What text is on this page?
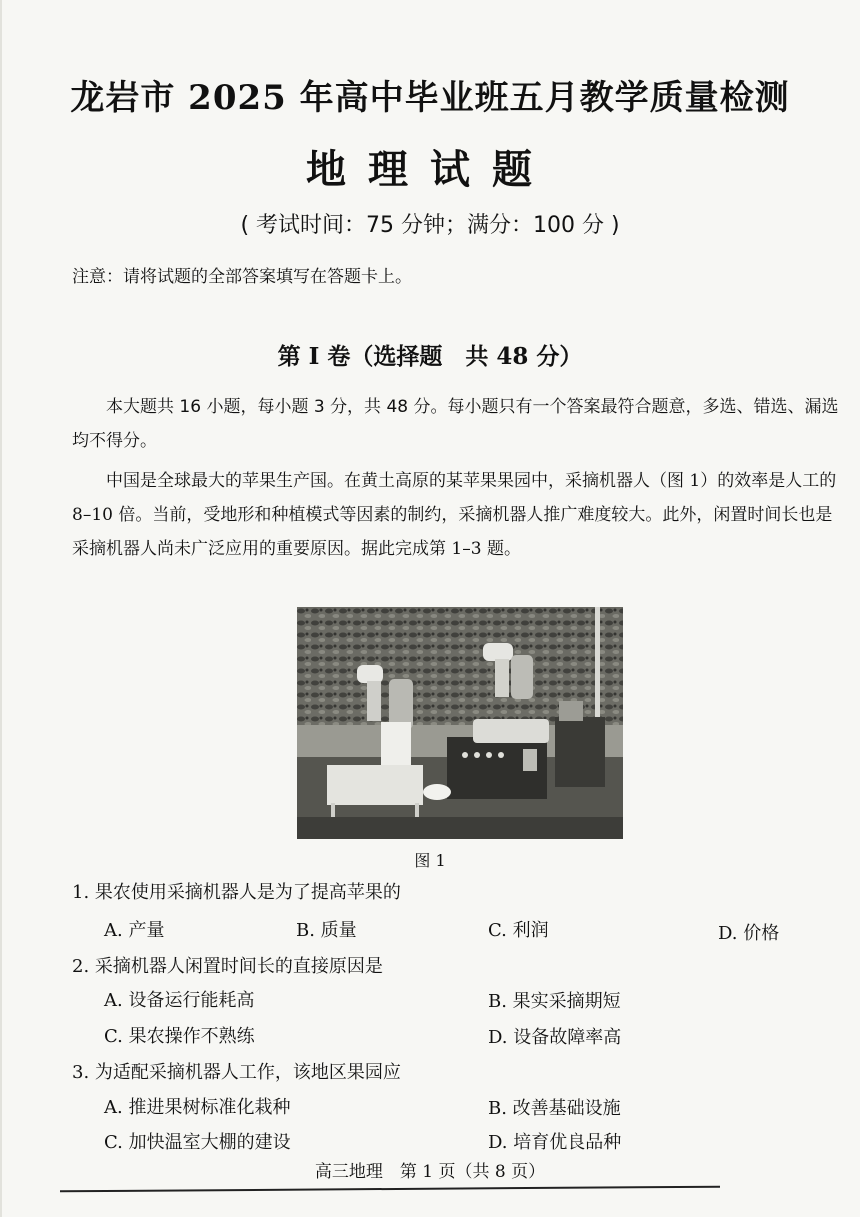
龙岩市 2025 年高中毕业班五月教学质量检测
地理试题
( 考试时间：75 分钟；满分：100 分 )
注意：请将试题的全部答案填写在答题卡上。
第 I 卷（选择题　共 48 分）
本大题共 16 小题，每小题 3 分，共 48 分。每小题只有一个答案最符合题意，多选、错选、漏选均不得分。
中国是全球最大的苹果生产国。在黄土高原的某苹果果园中，采摘机器人（图 1）的效率是人工的 8–10 倍。当前，受地形和种植模式等因素的制约，采摘机器人推广难度较大。此外，闲置时间长也是采摘机器人尚未广泛应用的重要原因。据此完成第 1–3 题。
图 1
1. 果农使用采摘机器人是为了提高苹果的
A. 产量	B. 质量	C. 利润	D. 价格
2. 采摘机器人闲置时间长的直接原因是
A. 设备运行能耗高	B. 果实采摘期短
C. 果农操作不熟练	D. 设备故障率高
3. 为适配采摘机器人工作，该地区果园应
A. 推进果树标准化栽种	B. 改善基础设施
C. 加快温室大棚的建设	D. 培育优良品种
高三地理　第 1 页（共 8 页）
